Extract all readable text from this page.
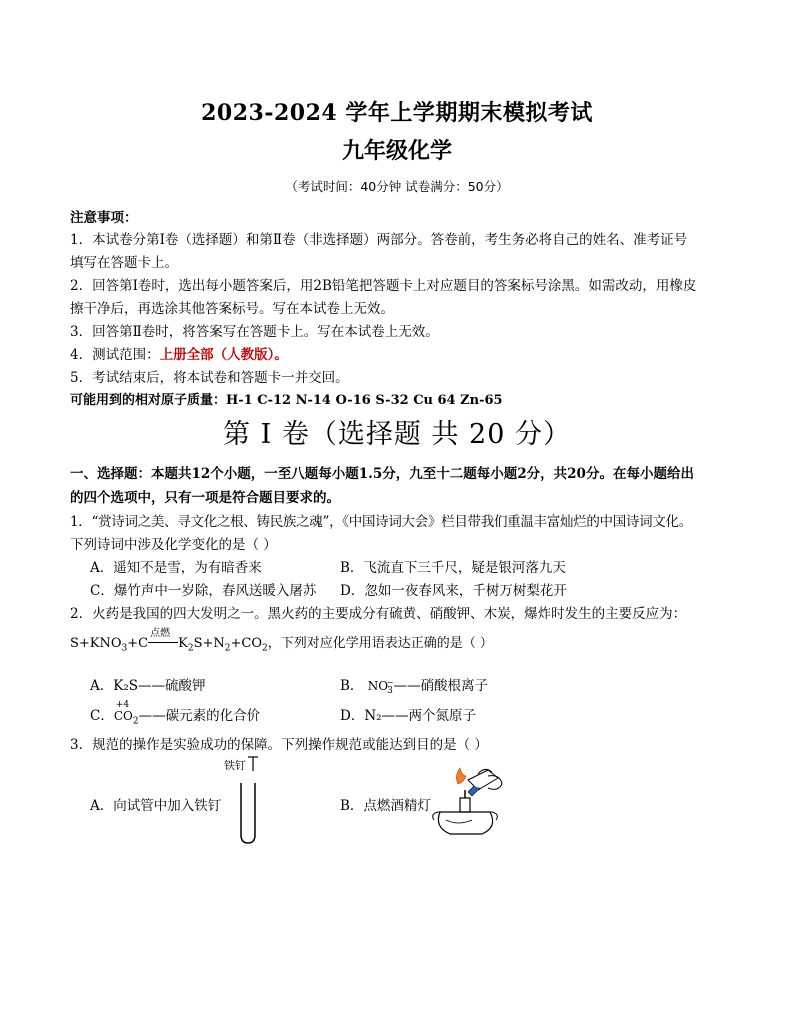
2023-2024 学年上学期期末模拟考试
九年级化学
（考试时间：40分钟 试卷满分：50分）
注意事项：
1．本试卷分第Ⅰ卷（选择题）和第Ⅱ卷（非选择题）两部分。答卷前，考生务必将自己的姓名、准考证号
填写在答题卡上。
2．回答第Ⅰ卷时，选出每小题答案后，用2B铅笔把答题卡上对应题目的答案标号涂黑。如需改动，用橡皮
擦干净后，再选涂其他答案标号。写在本试卷上无效。
3．回答第Ⅱ卷时，将答案写在答题卡上。写在本试卷上无效。
4．测试范围：上册全部（人教版）。
5．考试结束后，将本试卷和答题卡一并交回。
可能用到的相对原子质量：H-1 C-12 N-14 O-16 S-32 Cu 64 Zn-65
第 I 卷（选择题 共 20 分）
一、选择题：本题共12个小题，一至八题每小题1.5分，九至十二题每小题2分，共20分。在每小题给出
的四个选项中，只有一项是符合题目要求的。
1．“赏诗词之美、寻文化之根、铸民族之魂”，《中国诗词大会》栏目带我们重温丰富灿烂的中国诗词文化。
下列诗词中涉及化学变化的是（ ）
A．遥知不是雪，为有暗香来	B．飞流直下三千尺，疑是银河落九天
C．爆竹声中一岁除，春风送暖入屠苏 D．忽如一夜春风来，千树万树梨花开
2．火药是我国的四大发明之一。黑火药的主要成分有硫黄、硝酸钾、木炭，爆炸时发生的主要反应为：
$S+KNO_3+C$
点燃
$K_2S+N_2+CO_2$，下列对应化学用语表达正确的是（ ）
A．K₂S——硫酸钾	B． $NO_3^-——$硝酸根离子
C．
+4
$CO_2——$碳元素的化合价	D．N₂——两个氮原子
3．规范的操作是实验成功的保障。下列操作规范或能达到目的是（ ）
铁钉
A．向试管中加入铁钉	B．点燃酒精灯
